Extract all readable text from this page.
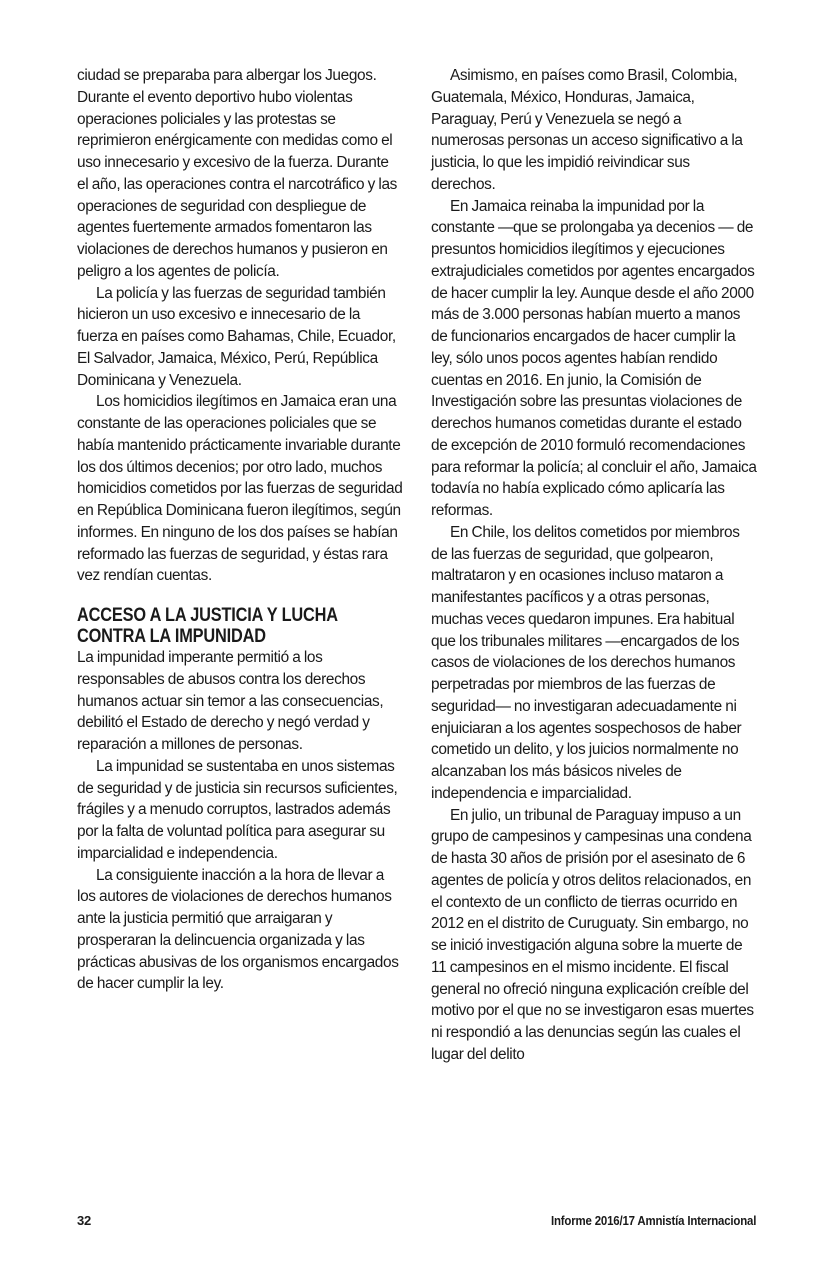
ciudad se preparaba para albergar los Juegos. Durante el evento deportivo hubo violentas operaciones policiales y las protestas se reprimieron enérgicamente con medidas como el uso innecesario y excesivo de la fuerza. Durante el año, las operaciones contra el narcotráfico y las operaciones de seguridad con despliegue de agentes fuertemente armados fomentaron las violaciones de derechos humanos y pusieron en peligro a los agentes de policía.

La policía y las fuerzas de seguridad también hicieron un uso excesivo e innecesario de la fuerza en países como Bahamas, Chile, Ecuador, El Salvador, Jamaica, México, Perú, República Dominicana y Venezuela.

Los homicidios ilegítimos en Jamaica eran una constante de las operaciones policiales que se había mantenido prácticamente invariable durante los dos últimos decenios; por otro lado, muchos homicidios cometidos por las fuerzas de seguridad en República Dominicana fueron ilegítimos, según informes. En ninguno de los dos países se habían reformado las fuerzas de seguridad, y éstas rara vez rendían cuentas.

ACCESO A LA JUSTICIA Y LUCHA CONTRA LA IMPUNIDAD

La impunidad imperante permitió a los responsables de abusos contra los derechos humanos actuar sin temor a las consecuencias, debilitó el Estado de derecho y negó verdad y reparación a millones de personas.

La impunidad se sustentaba en unos sistemas de seguridad y de justicia sin recursos suficientes, frágiles y a menudo corruptos, lastrados además por la falta de voluntad política para asegurar su imparcialidad e independencia.

La consiguiente inacción a la hora de llevar a los autores de violaciones de derechos humanos ante la justicia permitió que arraigaran y prosperaran la delincuencia organizada y las prácticas abusivas de los organismos encargados de hacer cumplir la ley.

Asimismo, en países como Brasil, Colombia, Guatemala, México, Honduras, Jamaica, Paraguay, Perú y Venezuela se negó a numerosas personas un acceso significativo a la justicia, lo que les impidió reivindicar sus derechos.

En Jamaica reinaba la impunidad por la constante —que se prolongaba ya decenios — de presuntos homicidios ilegítimos y ejecuciones extrajudiciales cometidos por agentes encargados de hacer cumplir la ley. Aunque desde el año 2000 más de 3.000 personas habían muerto a manos de funcionarios encargados de hacer cumplir la ley, sólo unos pocos agentes habían rendido cuentas en 2016. En junio, la Comisión de Investigación sobre las presuntas violaciones de derechos humanos cometidas durante el estado de excepción de 2010 formuló recomendaciones para reformar la policía; al concluir el año, Jamaica todavía no había explicado cómo aplicaría las reformas.

En Chile, los delitos cometidos por miembros de las fuerzas de seguridad, que golpearon, maltrataron y en ocasiones incluso mataron a manifestantes pacíficos y a otras personas, muchas veces quedaron impunes. Era habitual que los tribunales militares —encargados de los casos de violaciones de los derechos humanos perpetradas por miembros de las fuerzas de seguridad— no investigaran adecuadamente ni enjuiciaran a los agentes sospechosos de haber cometido un delito, y los juicios normalmente no alcanzaban los más básicos niveles de independencia e imparcialidad.

En julio, un tribunal de Paraguay impuso a un grupo de campesinos y campesinas una condena de hasta 30 años de prisión por el asesinato de 6 agentes de policía y otros delitos relacionados, en el contexto de un conflicto de tierras ocurrido en 2012 en el distrito de Curuguaty. Sin embargo, no se inició investigación alguna sobre la muerte de 11 campesinos en el mismo incidente. El fiscal general no ofreció ninguna explicación creíble del motivo por el que no se investigaron esas muertes ni respondió a las denuncias según las cuales el lugar del delito

32	Informe 2016/17 Amnistía Internacional
